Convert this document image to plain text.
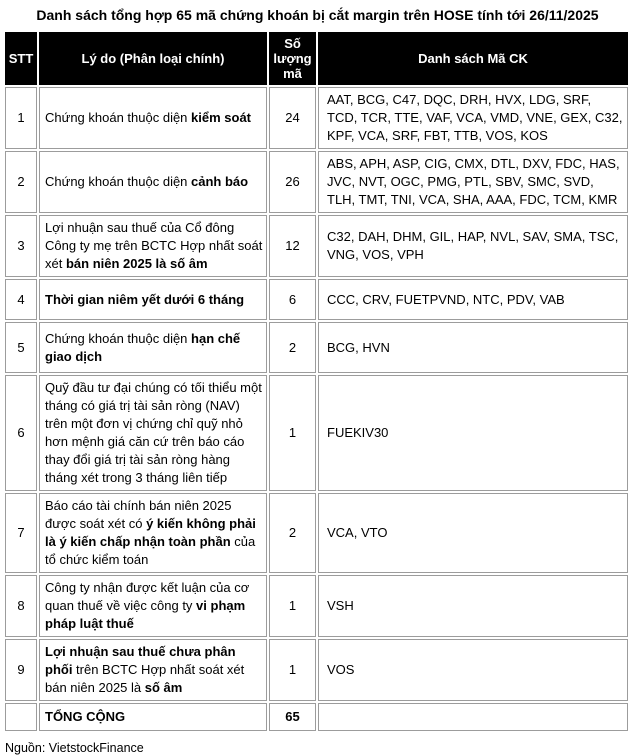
Danh sách tổng hợp 65 mã chứng khoán bị cắt margin trên HOSE tính tới 26/11/2025
STT	Lý do (Phân loại chính)	Số lượng mã	Danh sách Mã CK
1	Chứng khoán thuộc diện kiểm soát	24	AAT, BCG, C47, DQC, DRH, HVX, LDG, SRF, TCD, TCR, TTE, VAF, VCA, VMD, VNE, GEX, C32, KPF, VCA, SRF, FBT, TTB, VOS, KOS
2	Chứng khoán thuộc diện cảnh báo	26	ABS, APH, ASP, CIG, CMX, DTL, DXV, FDC, HAS, JVC, NVT, OGC, PMG, PTL, SBV, SMC, SVD, TLH, TMT, TNI, VCA, SHA, AAA, FDC, TCM, KMR
3	Lợi nhuận sau thuế của Cổ đông Công ty mẹ trên BCTC Hợp nhất soát xét bán niên 2025 là số âm	12	C32, DAH, DHM, GIL, HAP, NVL, SAV, SMA, TSC, VNG, VOS, VPH
4	Thời gian niêm yết dưới 6 tháng	6	CCC, CRV, FUETPVND, NTC, PDV, VAB
5	Chứng khoán thuộc diện hạn chế giao dịch	2	BCG, HVN
6	Quỹ đầu tư đại chúng có tối thiểu một tháng có giá trị tài sản ròng (NAV) trên một đơn vị chứng chỉ quỹ nhỏ hơn mệnh giá căn cứ trên báo cáo thay đổi giá trị tài sản ròng hàng tháng xét trong 3 tháng liên tiếp	1	FUEKIV30
7	Báo cáo tài chính bán niên 2025 được soát xét có ý kiến không phải là ý kiến chấp nhận toàn phần của tổ chức kiểm toán	2	VCA, VTO
8	Công ty nhận được kết luận của cơ quan thuế về việc công ty vi phạm pháp luật thuế	1	VSH
9	Lợi nhuận sau thuế chưa phân phối trên BCTC Hợp nhất soát xét bán niên 2025 là số âm	1	VOS
	TỔNG CỘNG	65	
Nguồn: VietstockFinance
